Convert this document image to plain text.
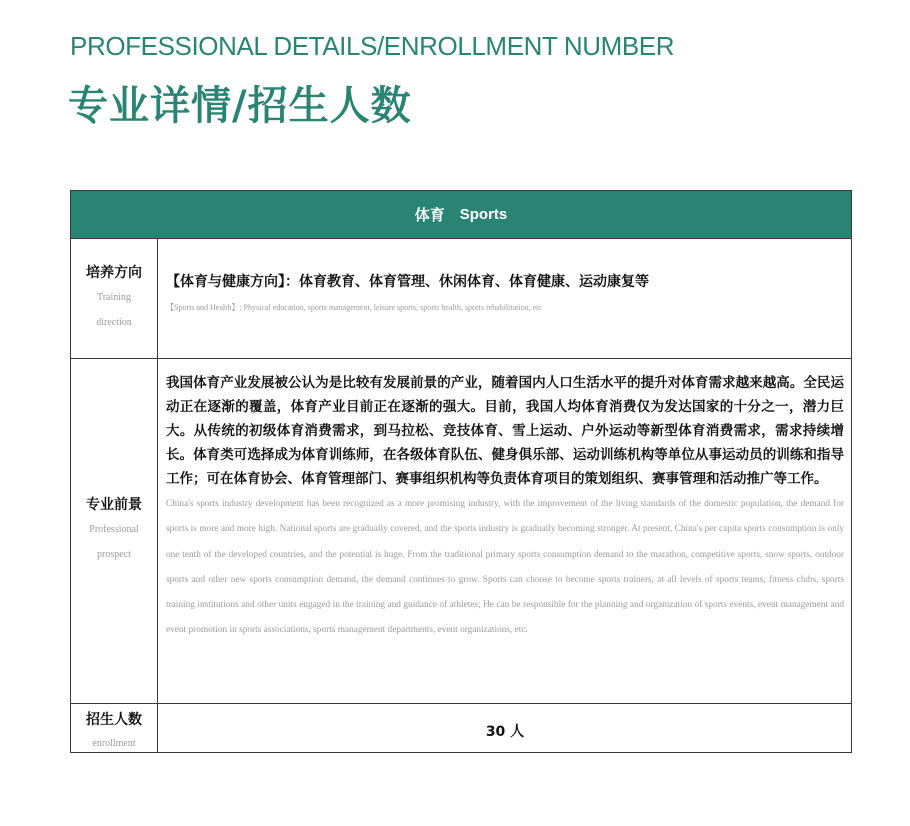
PROFESSIONAL DETAILS/ENROLLMENT NUMBER
专业详情/招生人数
体育 Sports
培养方向
Training direction
【体育与健康方向】：体育教育、体育管理、休闲体育、体育健康、运动康复等
【Sports and Health】: Physical education, sports management, leisure sports, sports health, sports rehabilitation, etc
专业前景
Professional prospect
我国体育产业发展被公认为是比较有发展前景的产业，随着国内人口生活水平的提升对体育需求越来越高。全民运动正在逐渐的覆盖，体育产业目前正在逐渐的强大。目前，我国人均体育消费仅为发达国家的十分之一，潜力巨大。从传统的初级体育消费需求，到马拉松、竞技体育、雪上运动、户外运动等新型体育消费需求，需求持续增长。体育类可选择成为体育训练师，在各级体育队伍、健身俱乐部、运动训练机构等单位从事运动员的训练和指导工作；可在体育协会、体育管理部门、赛事组织机构等负责体育项目的策划组织、赛事管理和活动推广等工作。
China's sports industry development has been recognized as a more promising industry, with the improvement of the living standards of the domestic population, the demand for sports is more and more high. National sports are gradually covered, and the sports industry is gradually becoming stronger. At present, China's per capita sports consumption is only one tenth of the developed countries, and the potential is huge. From the traditional primary sports consumption demand to the marathon, competitive sports, snow sports, outdoor sports and other new sports consumption demand, the demand continues to grow. Sports can choose to become sports trainers, at all levels of sports teams, fitness clubs, sports training institutions and other units engaged in the training and guidance of athletes; He can be responsible for the planning and organization of sports events, event management and event promotion in sports associations, sports management departments, event organizations, etc.
招生人数
enrollment
30 人
